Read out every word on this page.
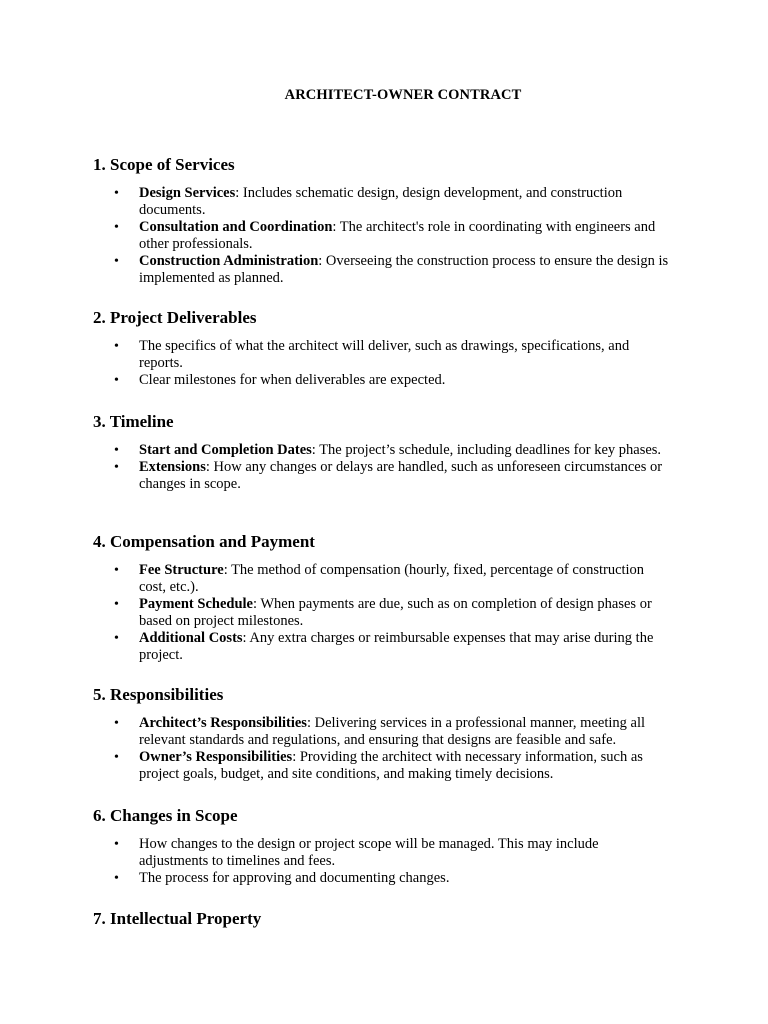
ARCHITECT-OWNER CONTRACT
1. Scope of Services
• Design Services: Includes schematic design, design development, and construction documents.
• Consultation and Coordination: The architect's role in coordinating with engineers and other professionals.
• Construction Administration: Overseeing the construction process to ensure the design is implemented as planned.
2. Project Deliverables
• The specifics of what the architect will deliver, such as drawings, specifications, and reports.
• Clear milestones for when deliverables are expected.
3. Timeline
• Start and Completion Dates: The project’s schedule, including deadlines for key phases.
• Extensions: How any changes or delays are handled, such as unforeseen circumstances or changes in scope.
4. Compensation and Payment
• Fee Structure: The method of compensation (hourly, fixed, percentage of construction cost, etc.).
• Payment Schedule: When payments are due, such as on completion of design phases or based on project milestones.
• Additional Costs: Any extra charges or reimbursable expenses that may arise during the project.
5. Responsibilities
• Architect’s Responsibilities: Delivering services in a professional manner, meeting all relevant standards and regulations, and ensuring that designs are feasible and safe.
• Owner’s Responsibilities: Providing the architect with necessary information, such as project goals, budget, and site conditions, and making timely decisions.
6. Changes in Scope
• How changes to the design or project scope will be managed. This may include adjustments to timelines and fees.
• The process for approving and documenting changes.
7. Intellectual Property
